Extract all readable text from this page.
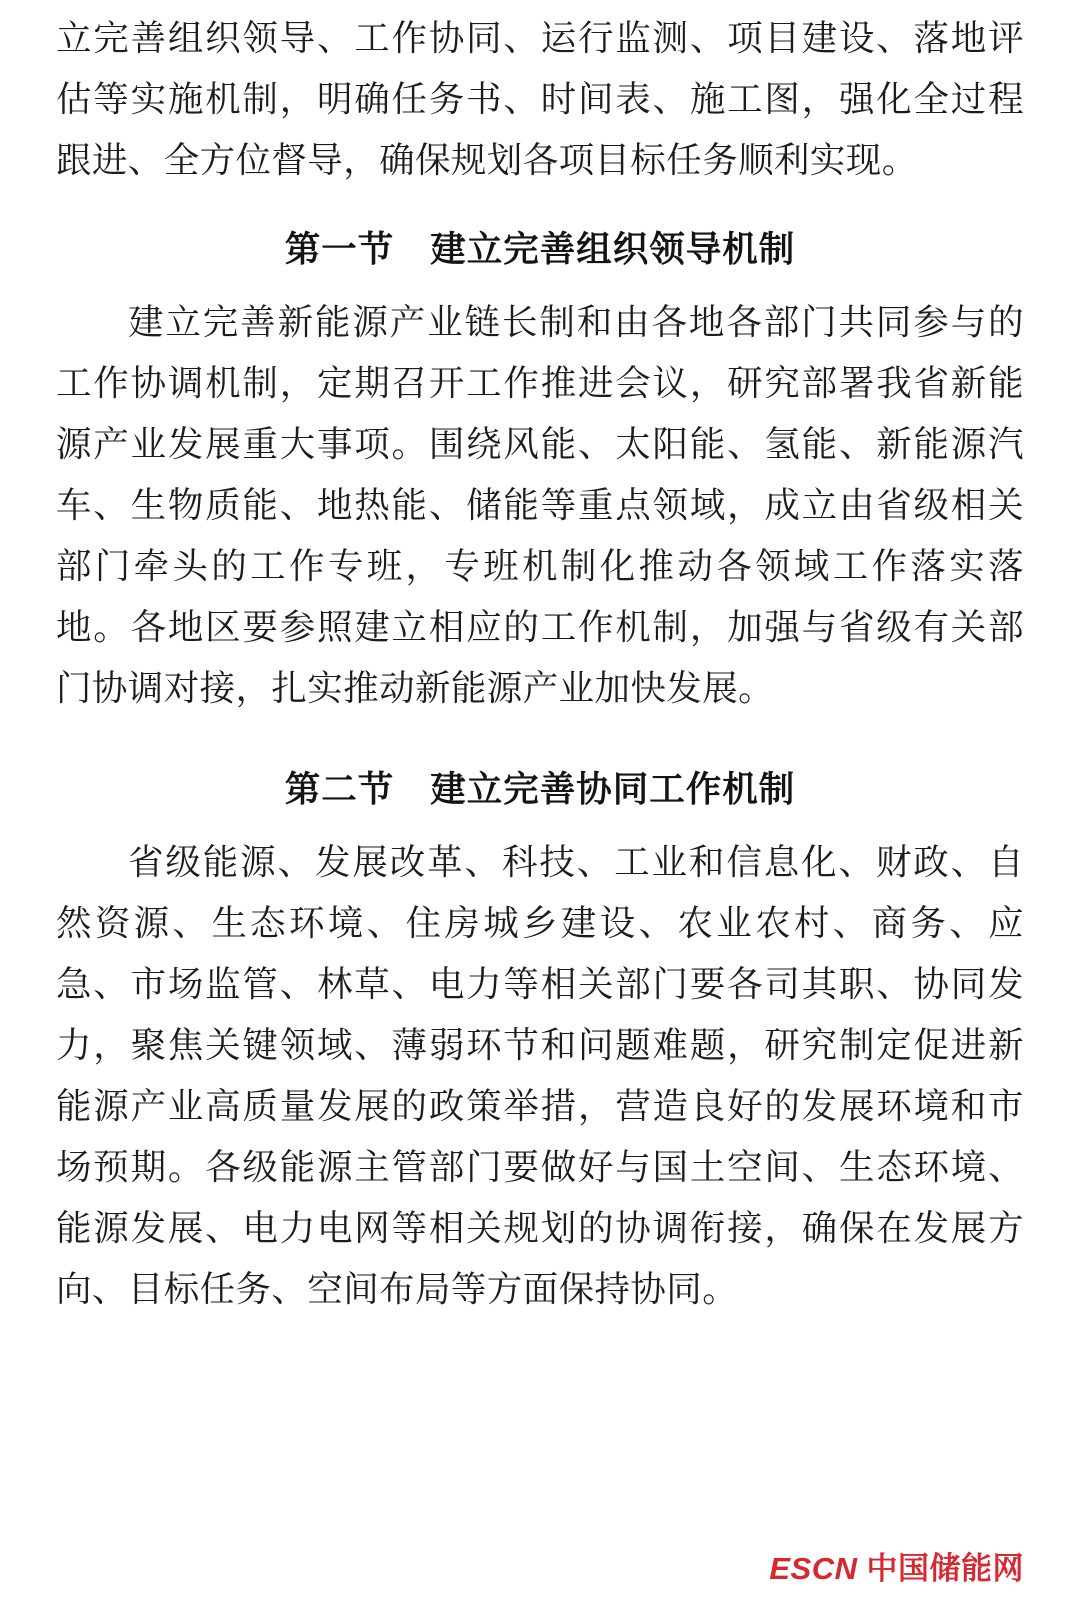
立完善组织领导、工作协同、运行监测、项目建设、落地评估等实施机制，明确任务书、时间表、施工图，强化全过程跟进、全方位督导，确保规划各项目标任务顺利实现。

第一节 建立完善组织领导机制

建立完善新能源产业链长制和由各地各部门共同参与的工作协调机制，定期召开工作推进会议，研究部署我省新能源产业发展重大事项。围绕风能、太阳能、氢能、新能源汽车、生物质能、地热能、储能等重点领域，成立由省级相关部门牵头的工作专班，专班机制化推动各领域工作落实落地。各地区要参照建立相应的工作机制，加强与省级有关部门协调对接，扎实推动新能源产业加快发展。

第二节 建立完善协同工作机制

省级能源、发展改革、科技、工业和信息化、财政、自然资源、生态环境、住房城乡建设、农业农村、商务、应急、市场监管、林草、电力等相关部门要各司其职、协同发力，聚焦关键领域、薄弱环节和问题难题，研究制定促进新能源产业高质量发展的政策举措，营造良好的发展环境和市场预期。各级能源主管部门要做好与国土空间、生态环境、能源发展、电力电网等相关规划的协调衔接，确保在发展方向、目标任务、空间布局等方面保持协同。

ESCN 中国储能网
